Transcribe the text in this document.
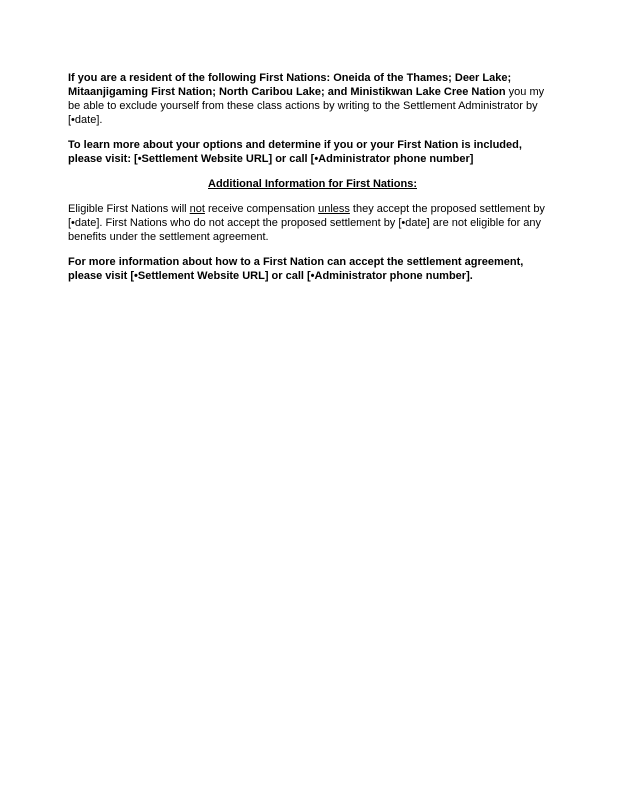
If you are a resident of the following First Nations: Oneida of the Thames; Deer Lake; Mitaanjigaming First Nation; North Caribou Lake; and Ministikwan Lake Cree Nation you my be able to exclude yourself from these class actions by writing to the Settlement Administrator by [•date].

To learn more about your options and determine if you or your First Nation is included, please visit: [•Settlement Website URL] or call [•Administrator phone number]

Additional Information for First Nations:

Eligible First Nations will not receive compensation unless they accept the proposed settlement by [•date]. First Nations who do not accept the proposed settlement by [•date] are not eligible for any benefits under the settlement agreement.

For more information about how to a First Nation can accept the settlement agreement, please visit [•Settlement Website URL] or call [•Administrator phone number].
